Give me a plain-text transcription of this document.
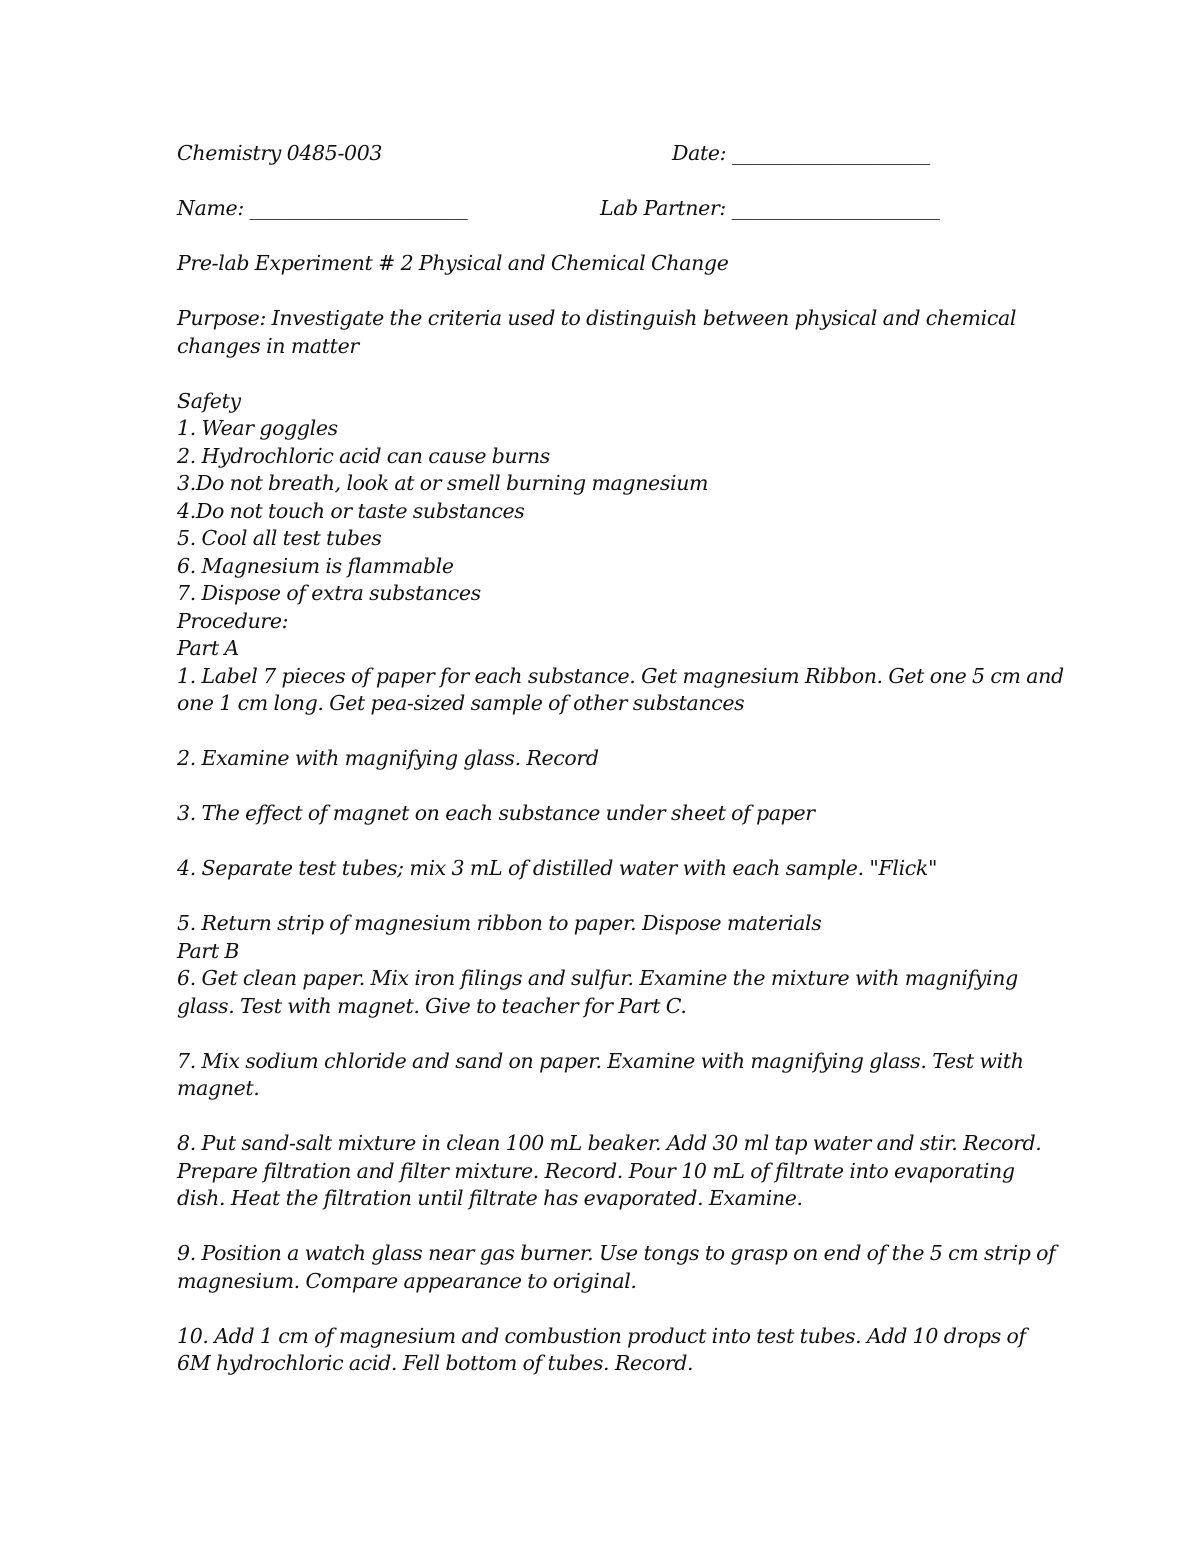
Chemistry 0485-003	Date: ____________________
Name: ______________________	Lab Partner: _____________________
Pre-lab Experiment # 2 Physical and Chemical Change
Purpose: Investigate the criteria used to distinguish between physical and chemical
changes in matter
Safety
1. Wear goggles
2. Hydrochloric acid can cause burns
3.Do not breath, look at or smell burning magnesium
4.Do not touch or taste substances
5. Cool all test tubes
6. Magnesium is flammable
7. Dispose of extra substances
Procedure:
Part A
1. Label 7 pieces of paper for each substance. Get magnesium Ribbon. Get one 5 cm and
one 1 cm long. Get pea-sized sample of other substances
2. Examine with magnifying glass. Record
3. The effect of magnet on each substance under sheet of paper
4. Separate test tubes; mix 3 mL of distilled water with each sample. "Flick"
5. Return strip of magnesium ribbon to paper. Dispose materials
Part B
6. Get clean paper. Mix iron filings and sulfur. Examine the mixture with magnifying
glass. Test with magnet. Give to teacher for Part C.
7. Mix sodium chloride and sand on paper. Examine with magnifying glass. Test with
magnet.
8. Put sand-salt mixture in clean 100 mL beaker. Add 30 ml tap water and stir. Record.
Prepare filtration and filter mixture. Record. Pour 10 mL of filtrate into evaporating
dish. Heat the filtration until filtrate has evaporated. Examine.
9. Position a watch glass near gas burner. Use tongs to grasp on end of the 5 cm strip of
magnesium. Compare appearance to original.
10. Add 1 cm of magnesium and combustion product into test tubes. Add 10 drops of
6M hydrochloric acid. Fell bottom of tubes. Record.
